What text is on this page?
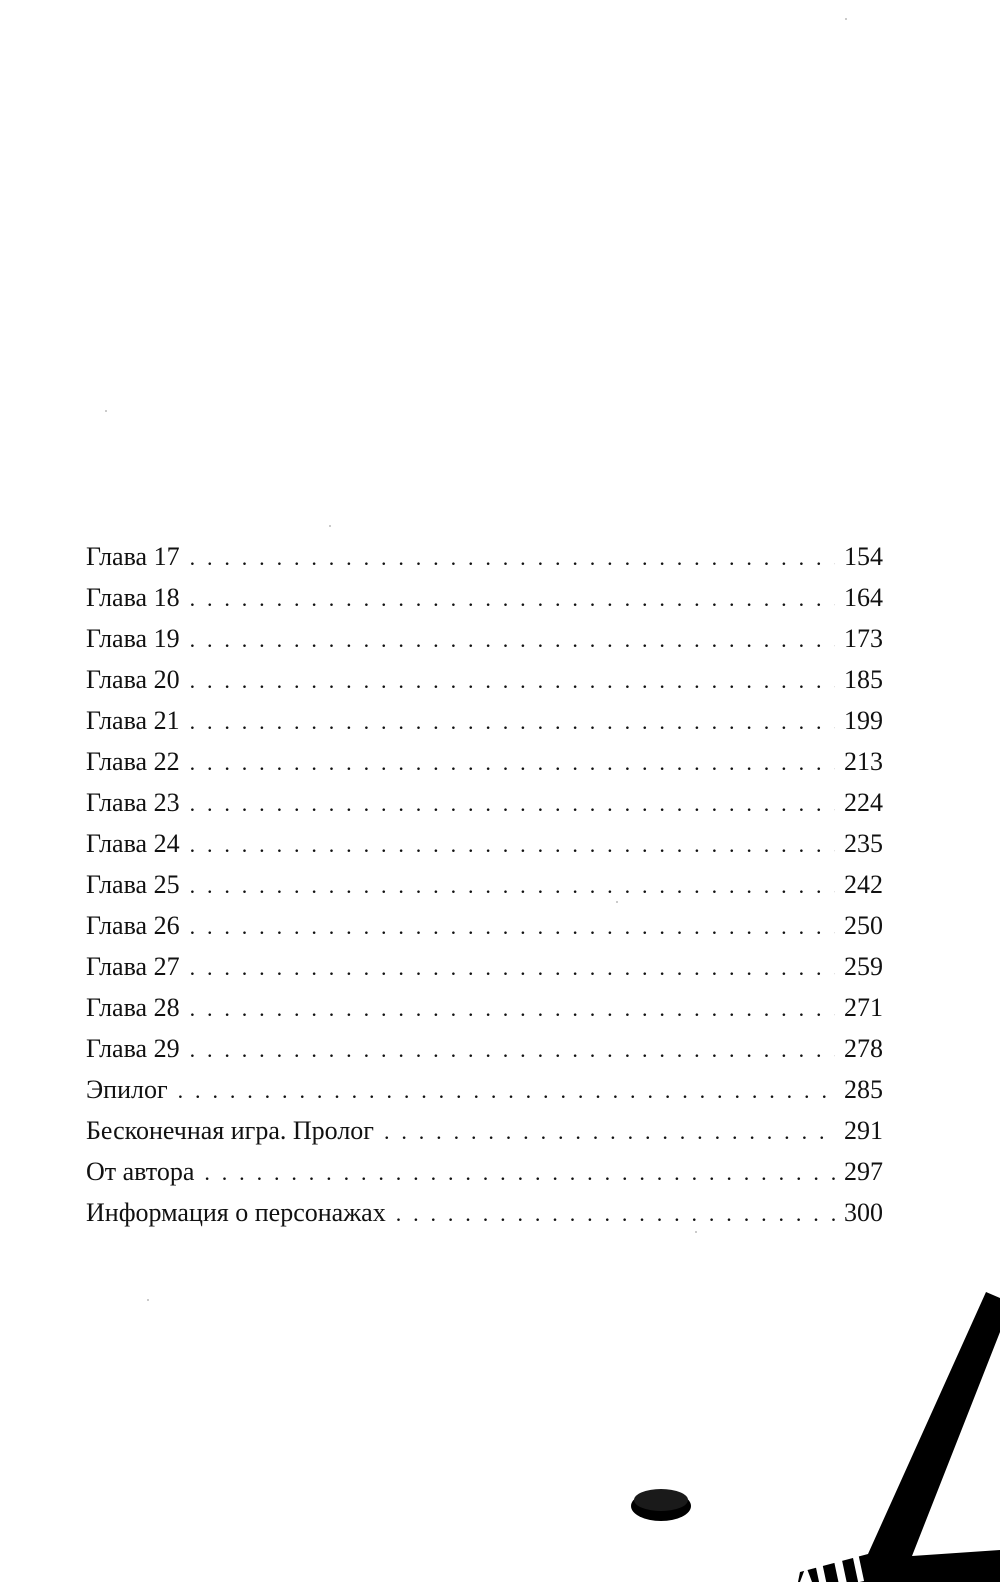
Глава 17 . . .	154
Глава 18 . . .	164
Глава 19 . . .	173
Глава 20 . . .	185
Глава 21 . . .	199
Глава 22 . . .	213
Глава 23 . . .	224
Глава 24 . . .	235
Глава 25 . . .	242
Глава 26 . . .	250
Глава 27 . . .	259
Глава 28 . . .	271
Глава 29 . . .	278
Эпилог . . .	285
Бесконечная игра. Пролог . . .	291
От автора . . .	297
Информация о персонажах . . .	300
